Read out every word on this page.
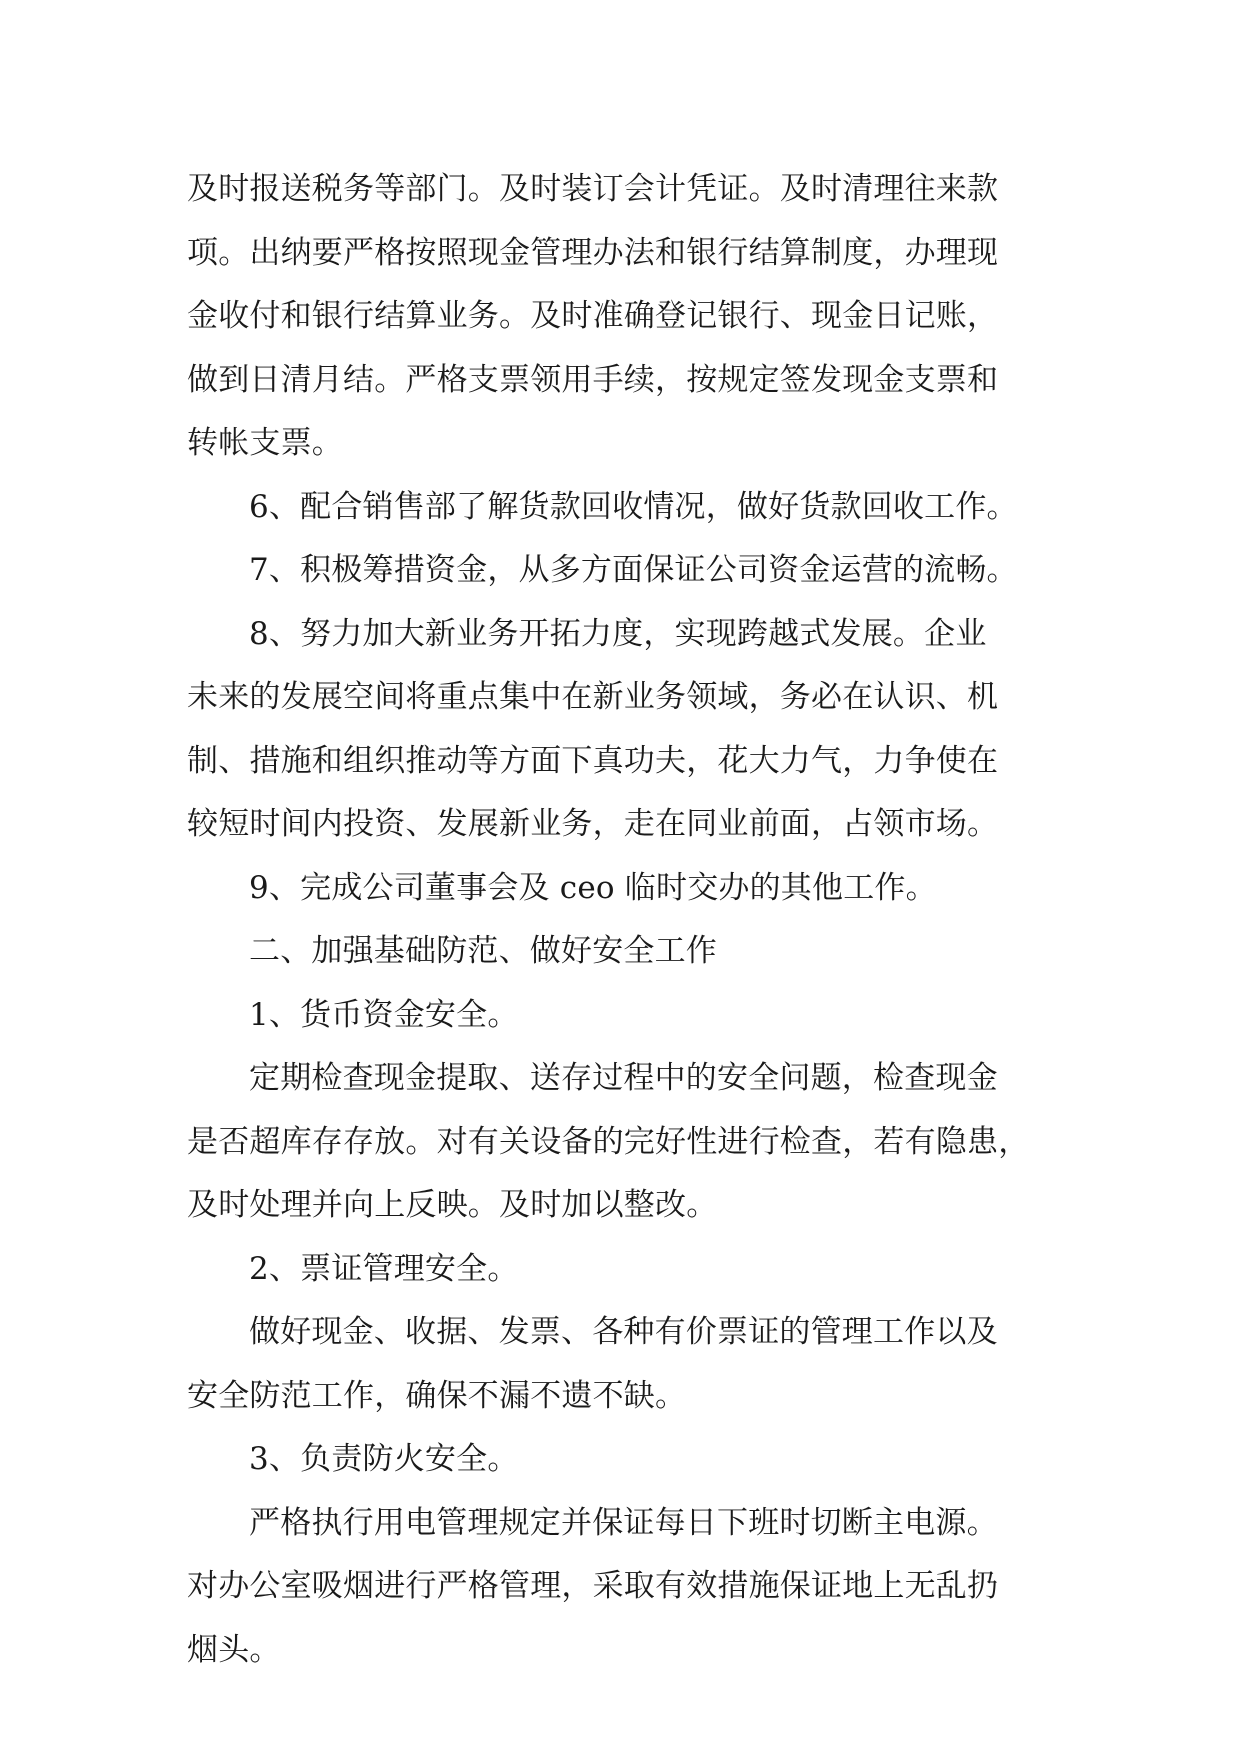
及时报送税务等部门。及时装订会计凭证。及时清理往来款
项。出纳要严格按照现金管理办法和银行结算制度，办理现
金收付和银行结算业务。及时准确登记银行、现金日记账，
做到日清月结。严格支票领用手续，按规定签发现金支票和
转帐支票。
6、配合销售部了解货款回收情况，做好货款回收工作。
7、积极筹措资金，从多方面保证公司资金运营的流畅。
8、努力加大新业务开拓力度，实现跨越式发展。企业
未来的发展空间将重点集中在新业务领域，务必在认识、机
制、措施和组织推动等方面下真功夫，花大力气，力争使在
较短时间内投资、发展新业务，走在同业前面，占领市场。
9、完成公司董事会及 ceo 临时交办的其他工作。
二、加强基础防范、做好安全工作
1、货币资金安全。
定期检查现金提取、送存过程中的安全问题，检查现金
是否超库存存放。对有关设备的完好性进行检查，若有隐患，
及时处理并向上反映。及时加以整改。
2、票证管理安全。
做好现金、收据、发票、各种有价票证的管理工作以及
安全防范工作，确保不漏不遗不缺。
3、负责防火安全。
严格执行用电管理规定并保证每日下班时切断主电源。
对办公室吸烟进行严格管理，采取有效措施保证地上无乱扔
烟头。
